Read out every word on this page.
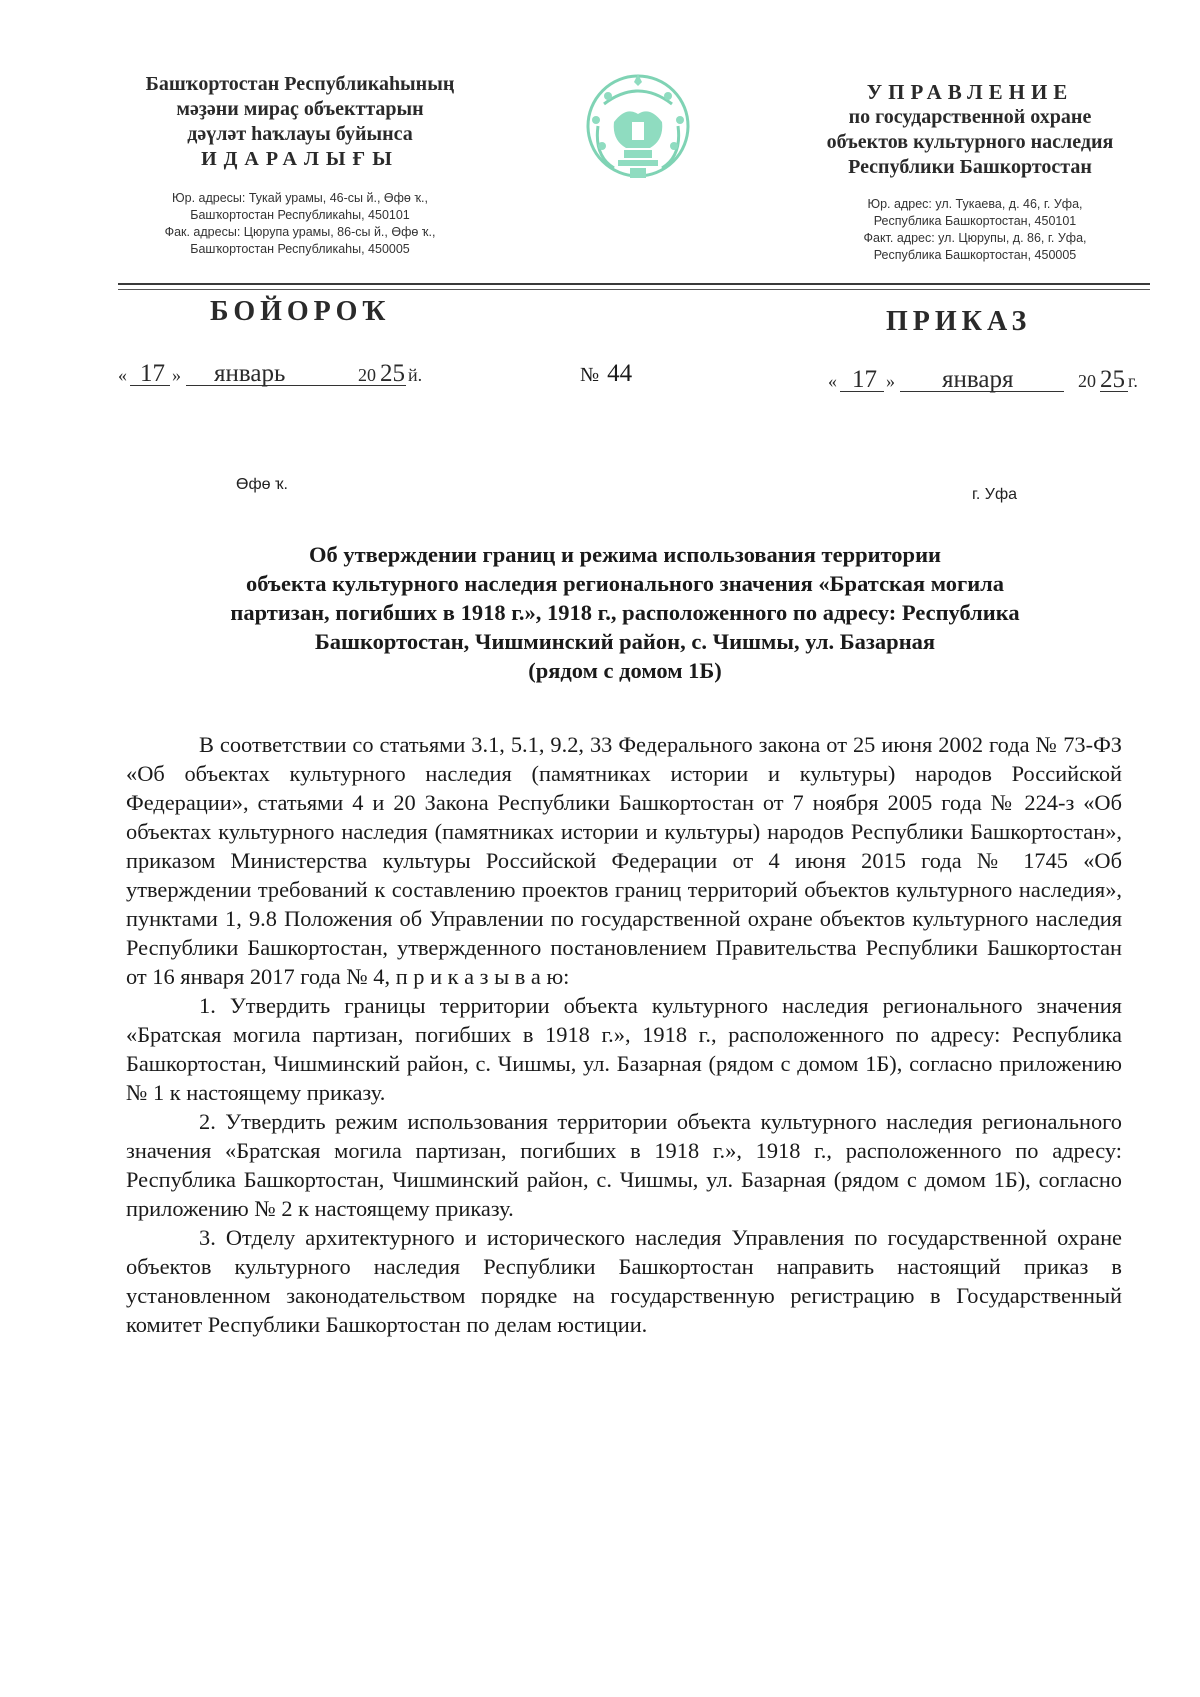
Башҡортостан Республикаһының
мәҙәни мираҫ объекттарын
дәүләт һаҡлауы буйынса
ИДАРАЛЫҒЫ
Юр. адресы: Тукай урамы, 46-сы й., Өфө ҡ.,
Башҡортостан Республикаһы, 450101
Фак. адресы: Цюрупа урамы, 86-сы й., Өфө ҡ.,
Башҡортостан Республикаһы, 450005
УПРАВЛЕНИЕ
по государственной охране
объектов культурного наследия
Республики Башкортостан
Юр. адрес: ул. Тукаева, д. 46, г. Уфа,
Республика Башкортостан, 450101
Факт. адрес: ул. Цюрупы, д. 86, г. Уфа,
Республика Башкортостан, 450005
БОЙОРОҠ	ПРИКАЗ
« 17 » январь	20 25 й.	№ 44	« 17 » января	20 25 г.
Өфө ҡ.
г. Уфа
Об утверждении границ и режима использования территории
объекта культурного наследия регионального значения «Братская могила
партизан, погибших в 1918 г.», 1918 г., расположенного по адресу: Республика
Башкортостан, Чишминский район, с. Чишмы, ул. Базарная
(рядом с домом 1Б)

В соответствии со статьями 3.1, 5.1, 9.2, 33 Федерального закона от 25 июня 2002 года № 73-ФЗ «Об объектах культурного наследия (памятниках истории и культуры) народов Российской Федерации», статьями 4 и 20 Закона Республики Башкортостан от 7 ноября 2005 года № 224-з «Об объектах культурного наследия (памятниках истории и культуры) народов Республики Башкортостан», приказом Министерства культуры Российской Федерации от 4 июня 2015 года № 1745 «Об утверждении требований к составлению проектов границ территорий объектов культурного наследия», пунктами 1, 9.8 Положения об Управлении по государственной охране объектов культурного наследия Республики Башкортостан, утвержденного постановлением Правительства Республики Башкортостан от 16 января 2017 года № 4, п р и к а з ы в а ю:

1. Утвердить границы территории объекта культурного наследия регионального значения «Братская могила партизан, погибших в 1918 г.», 1918 г., расположенного по адресу: Республика Башкортостан, Чишминский район, с. Чишмы, ул. Базарная (рядом с домом 1Б), согласно приложению № 1 к настоящему приказу.

2. Утвердить режим использования территории объекта культурного наследия регионального значения «Братская могила партизан, погибших в 1918 г.», 1918 г., расположенного по адресу: Республика Башкортостан, Чишминский район, с. Чишмы, ул. Базарная (рядом с домом 1Б), согласно приложению № 2 к настоящему приказу.

3. Отделу архитектурного и исторического наследия Управления по государственной охране объектов культурного наследия Республики Башкортостан направить настоящий приказ в установленном законодательством порядке на государственную регистрацию в Государственный комитет Республики Башкортостан по делам юстиции.
